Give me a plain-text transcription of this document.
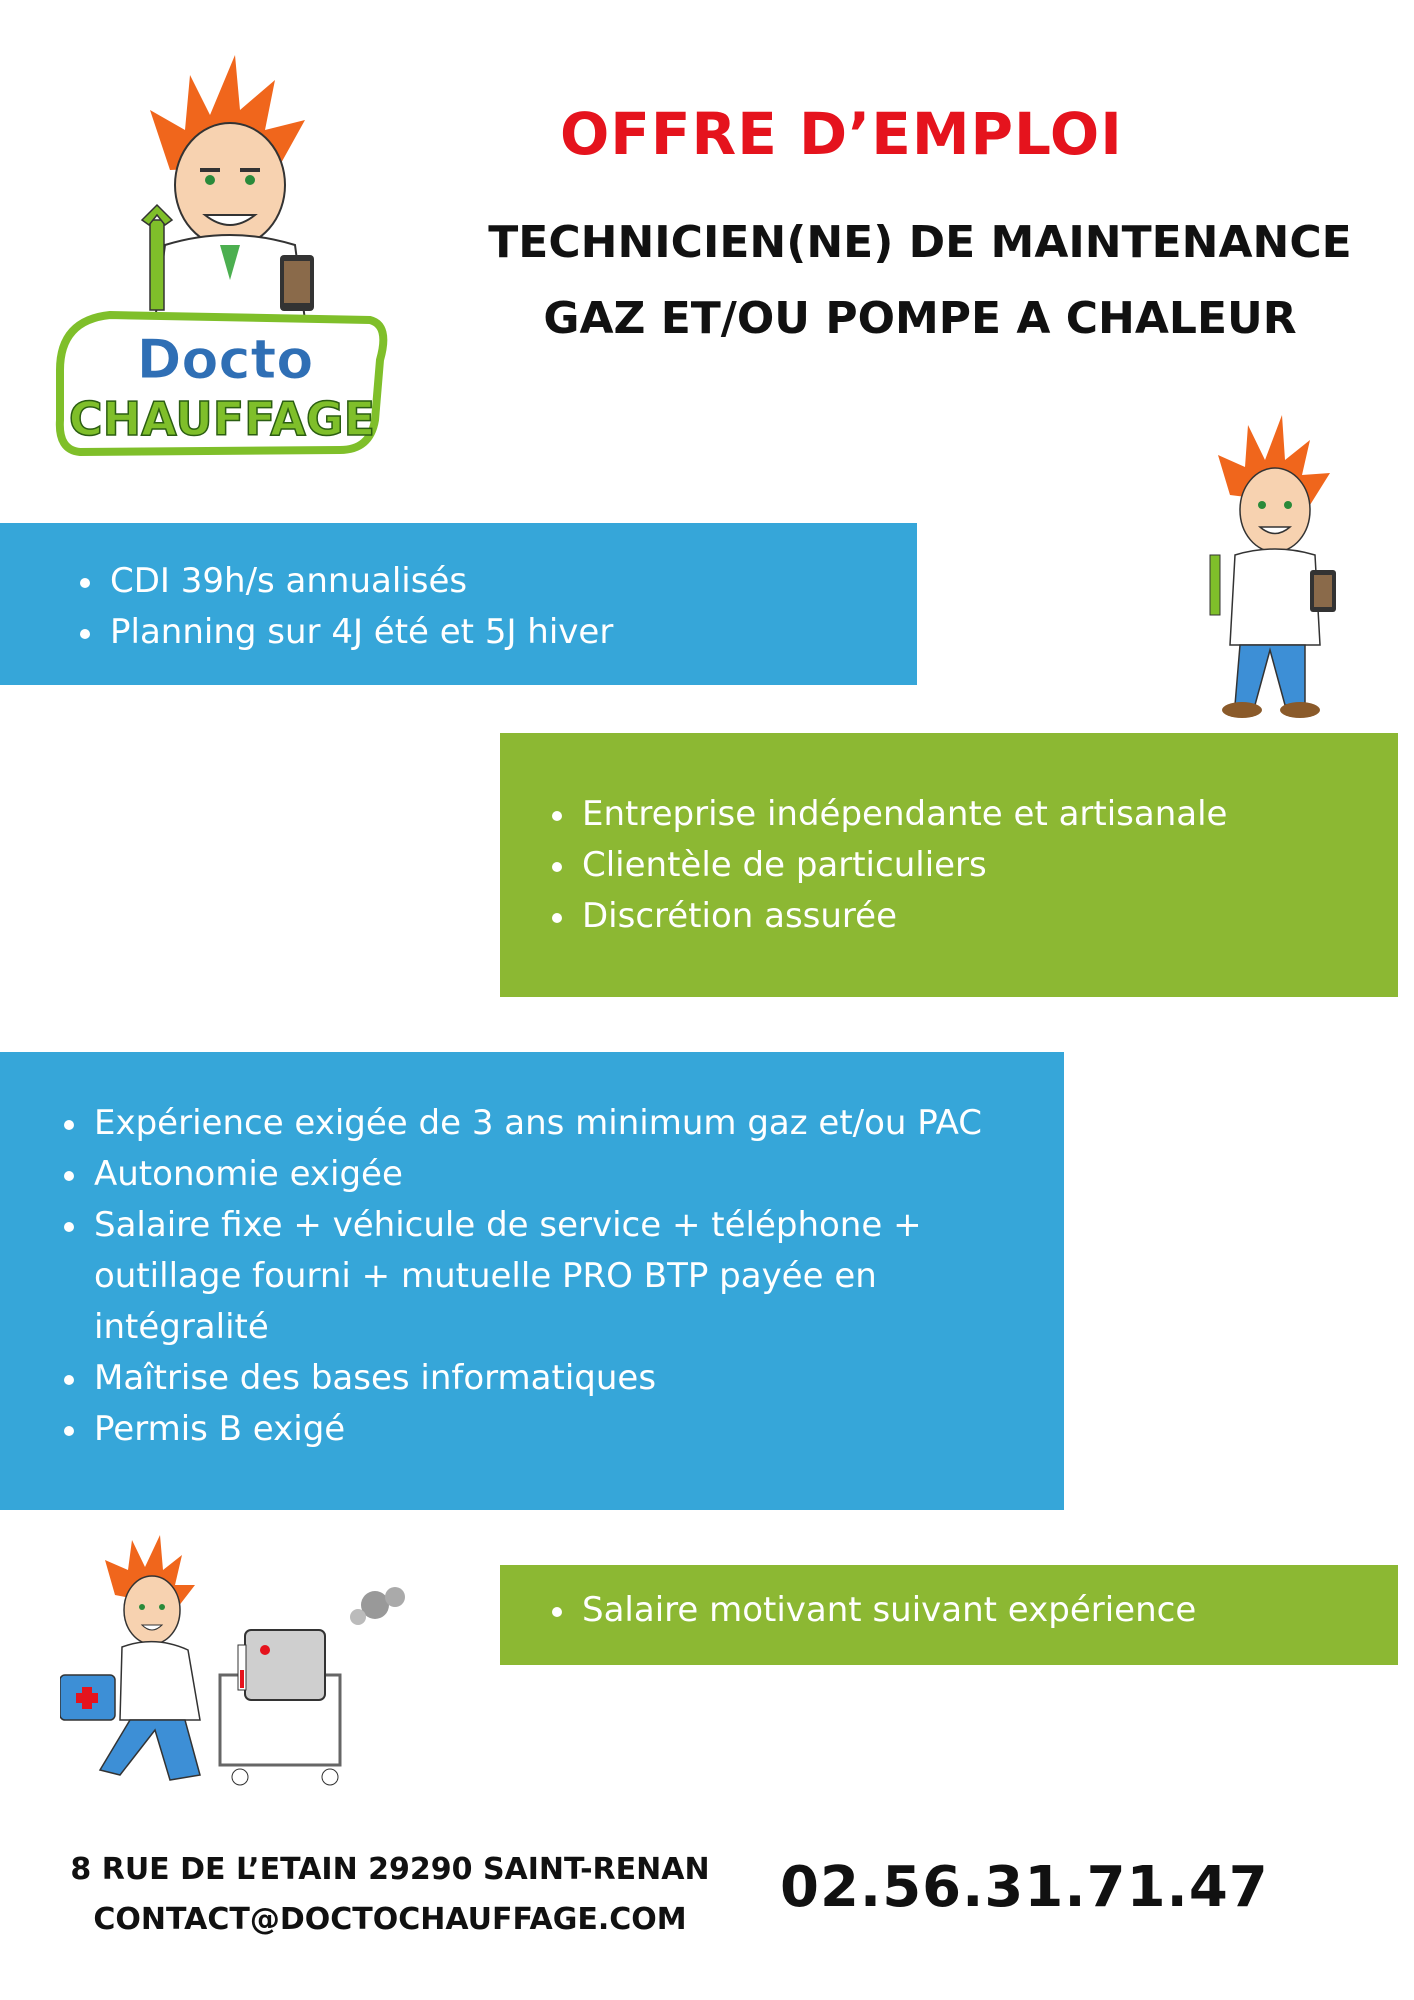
Docto
CHAUFFAGE
OFFRE D’EMPLOI
TECHNICIEN(NE) DE MAINTENANCE
GAZ ET/OU POMPE A CHALEUR
CDI 39h/s annualisés
Planning sur 4J été et 5J hiver
Entreprise indépendante et artisanale
Clientèle de particuliers
Discrétion assurée
Expérience exigée de 3 ans minimum gaz et/ou PAC
Autonomie exigée
Salaire fixe + véhicule de service + téléphone + outillage fourni + mutuelle PRO BTP payée en intégralité
Maîtrise des bases informatiques
Permis B exigé
Salaire motivant suivant expérience
8 RUE DE L’ETAIN 29290 SAINT-RENAN
CONTACT@DOCTOCHAUFFAGE.COM	02.56.31.71.47
